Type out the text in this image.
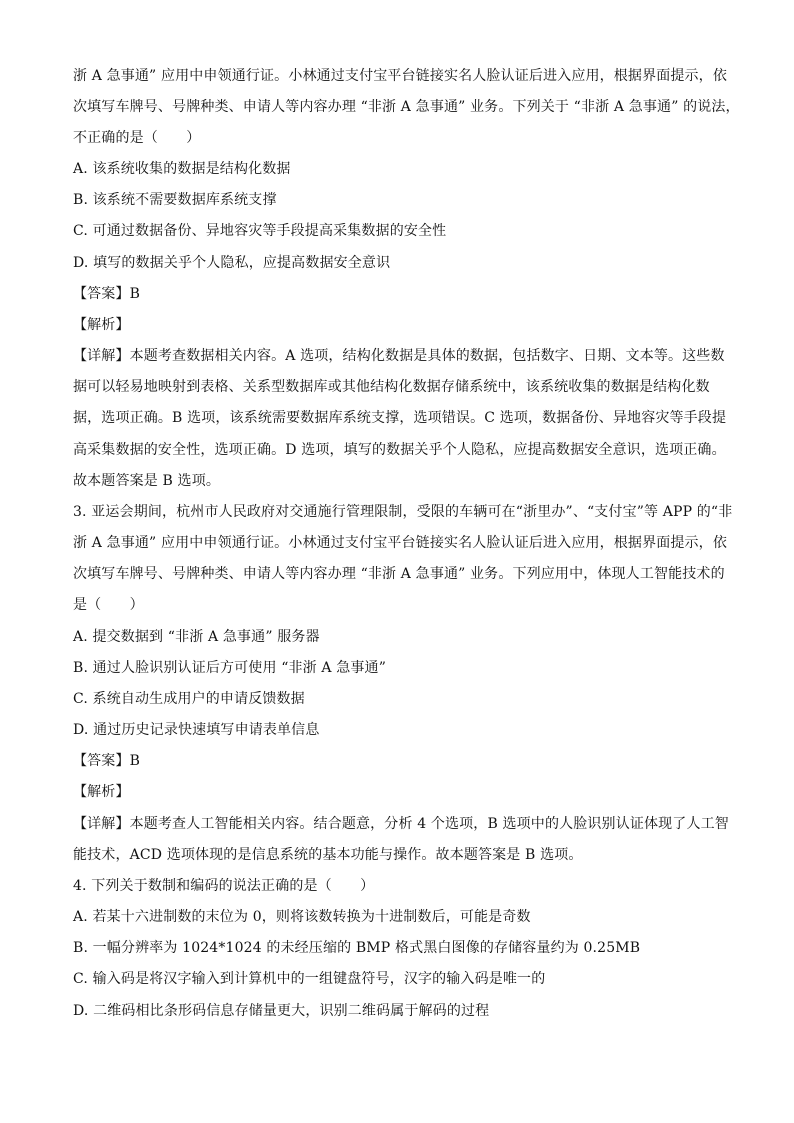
浙 A 急事通” 应用中申领通行证。小林通过支付宝平台链接实名人脸认证后进入应用，根据界面提示，依
次填写车牌号、号牌种类、申请人等内容办理 “非浙 A 急事通” 业务。下列关于 “非浙 A 急事通” 的说法，
不正确的是（　　）
A. 该系统收集的数据是结构化数据
B. 该系统不需要数据库系统支撑
C. 可通过数据备份、异地容灾等手段提高采集数据的安全性
D. 填写的数据关乎个人隐私，应提高数据安全意识
【答案】B
【解析】
【详解】本题考查数据相关内容。A 选项，结构化数据是具体的数据，包括数字、日期、文本等。这些数
据可以轻易地映射到表格、关系型数据库或其他结构化数据存储系统中，该系统收集的数据是结构化数
据，选项正确。B 选项，该系统需要数据库系统支撑，选项错误。C 选项，数据备份、异地容灾等手段提
高采集数据的安全性，选项正确。D 选项，填写的数据关乎个人隐私，应提高数据安全意识，选项正确。
故本题答案是 B 选项。
3. 亚运会期间，杭州市人民政府对交通施行管理限制，受限的车辆可在“浙里办”、“支付宝”等 APP 的“非
浙 A 急事通” 应用中申领通行证。小林通过支付宝平台链接实名人脸认证后进入应用，根据界面提示，依
次填写车牌号、号牌种类、申请人等内容办理 “非浙 A 急事通” 业务。下列应用中，体现人工智能技术的
是（　　）
A. 提交数据到 “非浙 A 急事通” 服务器
B. 通过人脸识别认证后方可使用 “非浙 A 急事通”
C. 系统自动生成用户的申请反馈数据
D. 通过历史记录快速填写申请表单信息
【答案】B
【解析】
【详解】本题考查人工智能相关内容。结合题意，分析 4 个选项，B 选项中的人脸识别认证体现了人工智
能技术，ACD 选项体现的是信息系统的基本功能与操作。故本题答案是 B 选项。
4. 下列关于数制和编码的说法正确的是（　　）
A. 若某十六进制数的末位为 0，则将该数转换为十进制数后，可能是奇数
B. 一幅分辨率为 1024*1024 的未经压缩的 BMP 格式黑白图像的存储容量约为 0.25MB
C. 输入码是将汉字输入到计算机中的一组键盘符号，汉字的输入码是唯一的
D. 二维码相比条形码信息存储量更大，识别二维码属于解码的过程
